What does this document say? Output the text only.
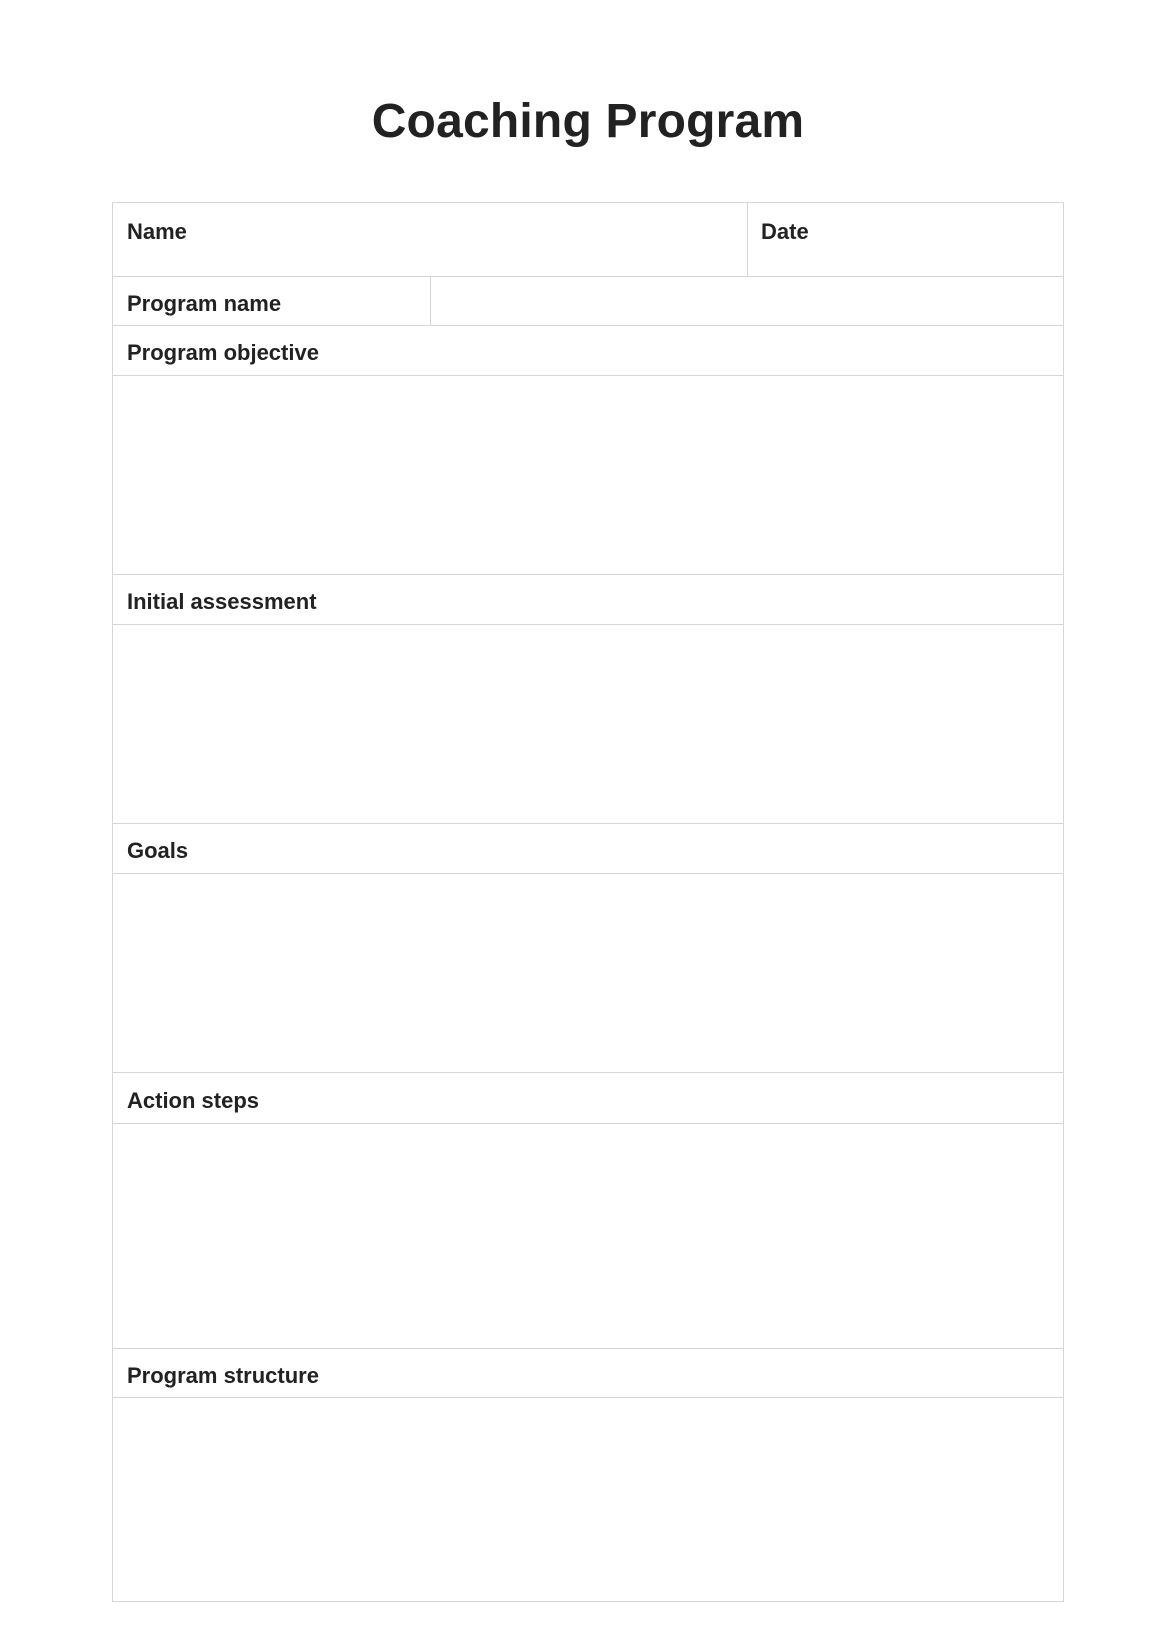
Coaching Program
Name	Date
Program name
Program objective
Initial assessment
Goals
Action steps
Program structure
